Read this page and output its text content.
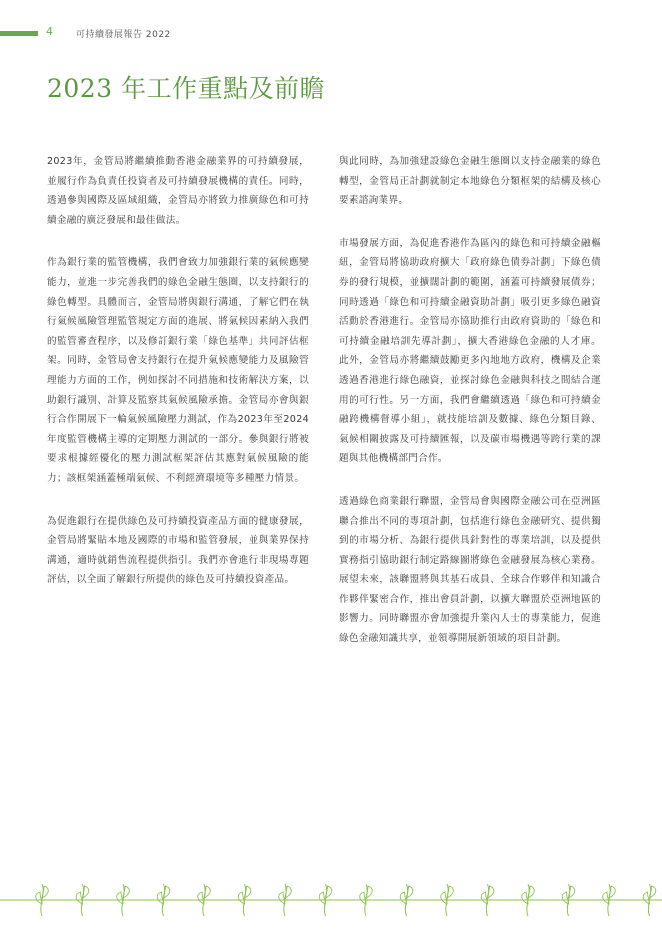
4	可持續發展報告 2022
2023 年工作重點及前瞻

2023年，金管局將繼續推動香港金融業界的可持續發展，並履行作為負責任投資者及可持續發展機構的責任。同時，透過參與國際及區域組織，金管局亦將致力推廣綠色和可持續金融的廣泛發展和最佳做法。

作為銀行業的監管機構，我們會致力加強銀行業的氣候應變能力，並進一步完善我們的綠色金融生態圈，以支持銀行的綠色轉型。具體而言，金管局將與銀行溝通，了解它們在執行氣候風險管理監管規定方面的進展、將氣候因素納入我們的監管審查程序，以及修訂銀行業「綠色基準」共同評估框架。同時，金管局會支持銀行在提升氣候應變能力及風險管理能力方面的工作，例如探討不同措施和技術解決方案，以助銀行識別、計算及監察其氣候風險承擔。金管局亦會與銀行合作開展下一輪氣候風險壓力測試，作為2023年至2024年度監管機構主導的定期壓力測試的一部分。參與銀行將被要求根據經優化的壓力測試框架評估其應對氣候風險的能力；該框架涵蓋極端氣候、不利經濟環境等多種壓力情景。

為促進銀行在提供綠色及可持續投資產品方面的健康發展，金管局將緊貼本地及國際的市場和監管發展，並與業界保持溝通，適時就銷售流程提供指引。我們亦會進行非現場專題評估，以全面了解銀行所提供的綠色及可持續投資產品。

與此同時，為加強建設綠色金融生態圈以支持金融業的綠色轉型，金管局正計劃就制定本地綠色分類框架的結構及核心要素諮詢業界。

市場發展方面，為促進香港作為區內的綠色和可持續金融樞紐，金管局將協助政府擴大「政府綠色債券計劃」下綠色債券的發行規模，並擴闊計劃的範圍，涵蓋可持續發展債券；同時透過「綠色和可持續金融資助計劃」吸引更多綠色融資活動於香港進行。金管局亦協助推行由政府資助的「綠色和可持續金融培訓先導計劃」，擴大香港綠色金融的人才庫。此外，金管局亦將繼續鼓勵更多內地地方政府，機構及企業透過香港進行綠色融資，並探討綠色金融與科技之間結合運用的可行性。另一方面，我們會繼續透過「綠色和可持續金融跨機構督導小組」，就技能培訓及數據、綠色分類目錄、氣候相關披露及可持續匯報，以及碳市場機遇等跨行業的課題與其他機構部門合作。

透過綠色商業銀行聯盟，金管局會與國際金融公司在亞洲區聯合推出不同的專項計劃，包括進行綠色金融研究、提供獨到的市場分析、為銀行提供具針對性的專業培訓，以及提供實務指引協助銀行制定路線圖將綠色金融發展為核心業務。展望未來，該聯盟將與其基石成員、全球合作夥伴和知識合作夥伴緊密合作，推出會員計劃，以擴大聯盟於亞洲地區的影響力。同時聯盟亦會加強提升業內人士的專業能力，促進綠色金融知識共享，並領導開展新領域的項目計劃。
